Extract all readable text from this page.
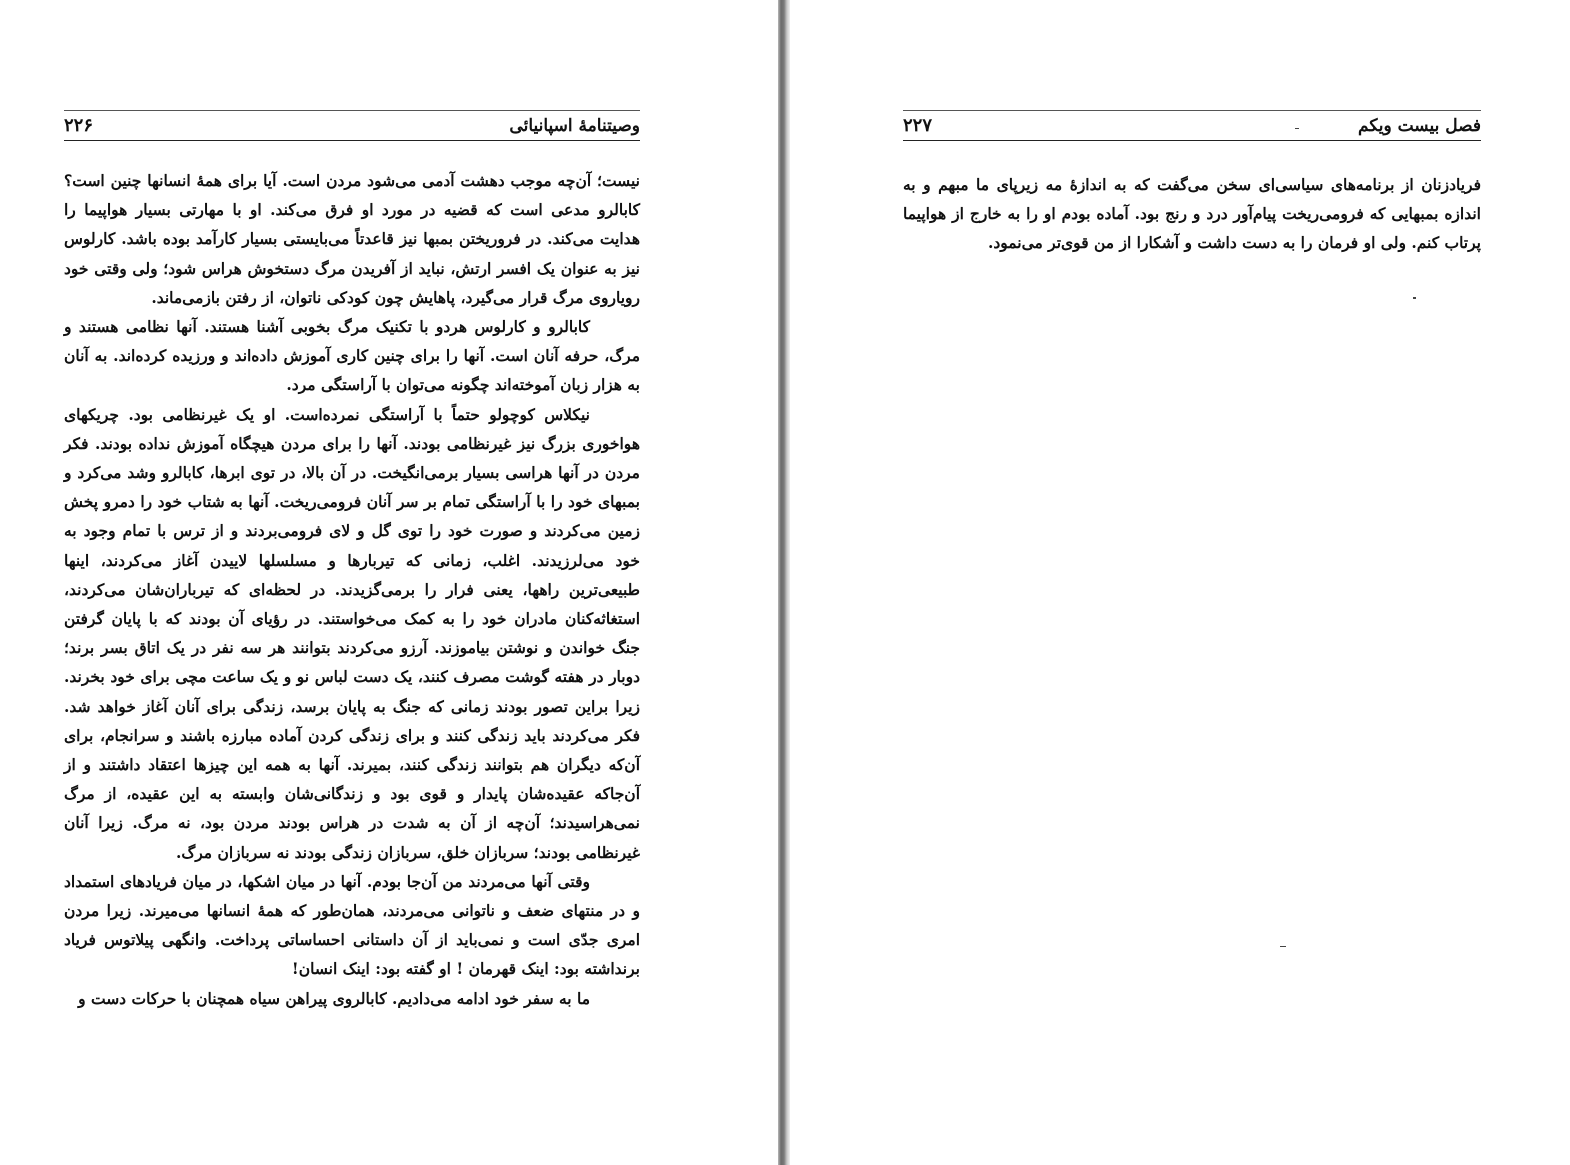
وصیتنامهٔ اسپانیائی
۲۲۶

نیست؛ آن‌چه موجب دهشت آدمی می‌شود مردن است. آیا برای همهٔ انسانها چنین است؟ کابالرو مدعی است که قضیه در مورد او فرق می‌کند. او با مهارتی بسیار هواپیما را هدایت می‌کند. در فروریختن بمبها نیز قاعدتاً می‌بایستی بسیار کارآمد بوده باشد. کارلوس نیز به عنوان یک افسر ارتش، نباید از آفریدن مرگ دستخوش هراس شود؛ ولی وقتی خود رویاروی مرگ قرار می‌گیرد، پاهایش چون کودکی ناتوان، از رفتن بازمی‌ماند.

کابالرو و کارلوس هردو با تکنیک مرگ بخوبی آشنا هستند. آنها نظامی هستند و مرگ، حرفه آنان است. آنها را برای چنین کاری آموزش داده‌اند و ورزیده کرده‌اند. به آنان به هزار زبان آموخته‌اند چگونه می‌توان با آراستگی مرد.

نیکلاس کوچولو حتماً با آراستگی نمرده‌است. او یک غیرنظامی بود. چریکهای هواخوری بزرگ نیز غیرنظامی بودند. آنها را برای مردن هیچگاه آموزش نداده بودند. فکر مردن در آنها هراسی بسیار برمی‌انگیخت. در آن بالا، در توی ابرها، کابالرو وشد می‌کرد و بمبهای خود را با آراستگی تمام بر سر آنان فرومی‌ریخت. آنها به شتاب خود را دمرو پخش زمین می‌کردند و صورت خود را توی گل و لای فرومی‌بردند و از ترس با تمام وجود به خود می‌لرزیدند. اغلب، زمانی که تیربارها و مسلسلها لاییدن آغاز می‌کردند، اینها طبیعی‌ترین راهها، یعنی فرار را برمی‌گزیدند. در لحظه‌ای که تیرباران‌شان می‌کردند، استغاثه‌کنان مادران خود را به کمک می‌خواستند. در رؤیای آن بودند که با پایان گرفتن جنگ خواندن و نوشتن بیاموزند. آرزو می‌کردند بتوانند هر سه نفر در یک اتاق بسر برند؛ دوبار در هفته گوشت مصرف کنند، یک دست لباس نو و یک ساعت مچی برای خود بخرند. زیرا براین تصور بودند زمانی که جنگ به پایان برسد، زندگی برای آنان آغاز خواهد شد. فکر می‌کردند باید زندگی کنند و برای زندگی کردن آماده مبارزه باشند و سرانجام، برای آن‌که دیگران هم بتوانند زندگی کنند، بمیرند. آنها به همه این چیزها اعتقاد داشتند و از آن‌جاکه عقیده‌شان پایدار و قوی بود و زندگانی‌شان وابسته به این عقیده، از مرگ نمی‌هراسیدند؛ آن‌چه از آن به شدت در هراس بودند مردن بود، نه مرگ. زیرا آنان غیرنظامی بودند؛ سربازان خلق، سربازان زندگی بودند نه سربازان مرگ.

وقتی آنها می‌مردند من آن‌جا بودم. آنها در میان اشکها، در میان فریادهای استمداد و در منتهای ضعف و ناتوانی می‌مردند، همان‌طور که همهٔ انسانها می‌میرند. زیرا مردن امری جدّی است و نمی‌باید از آن داستانی احساساتی پرداخت. وانگهی پیلاتوس فریاد برنداشته بود: اینک قهرمان ! او گفته بود: اینک انسان!

ما به سفر خود ادامه می‌دادیم. کابالروی پیراهن سیاه همچنان با حرکات دست و

فصل بیست ویکم
۲۲۷

فریادزنان از برنامه‌های سیاسی‌ای سخن می‌گفت که به اندازهٔ مه زیرپای ما مبهم و به اندازه بمبهایی که فرومی‌ریخت پیام‌آور درد و رنج بود. آماده بودم او را به خارج از هواپیما پرتاب کنم. ولی او فرمان را به دست داشت و آشکارا از من قوی‌تر می‌نمود.
